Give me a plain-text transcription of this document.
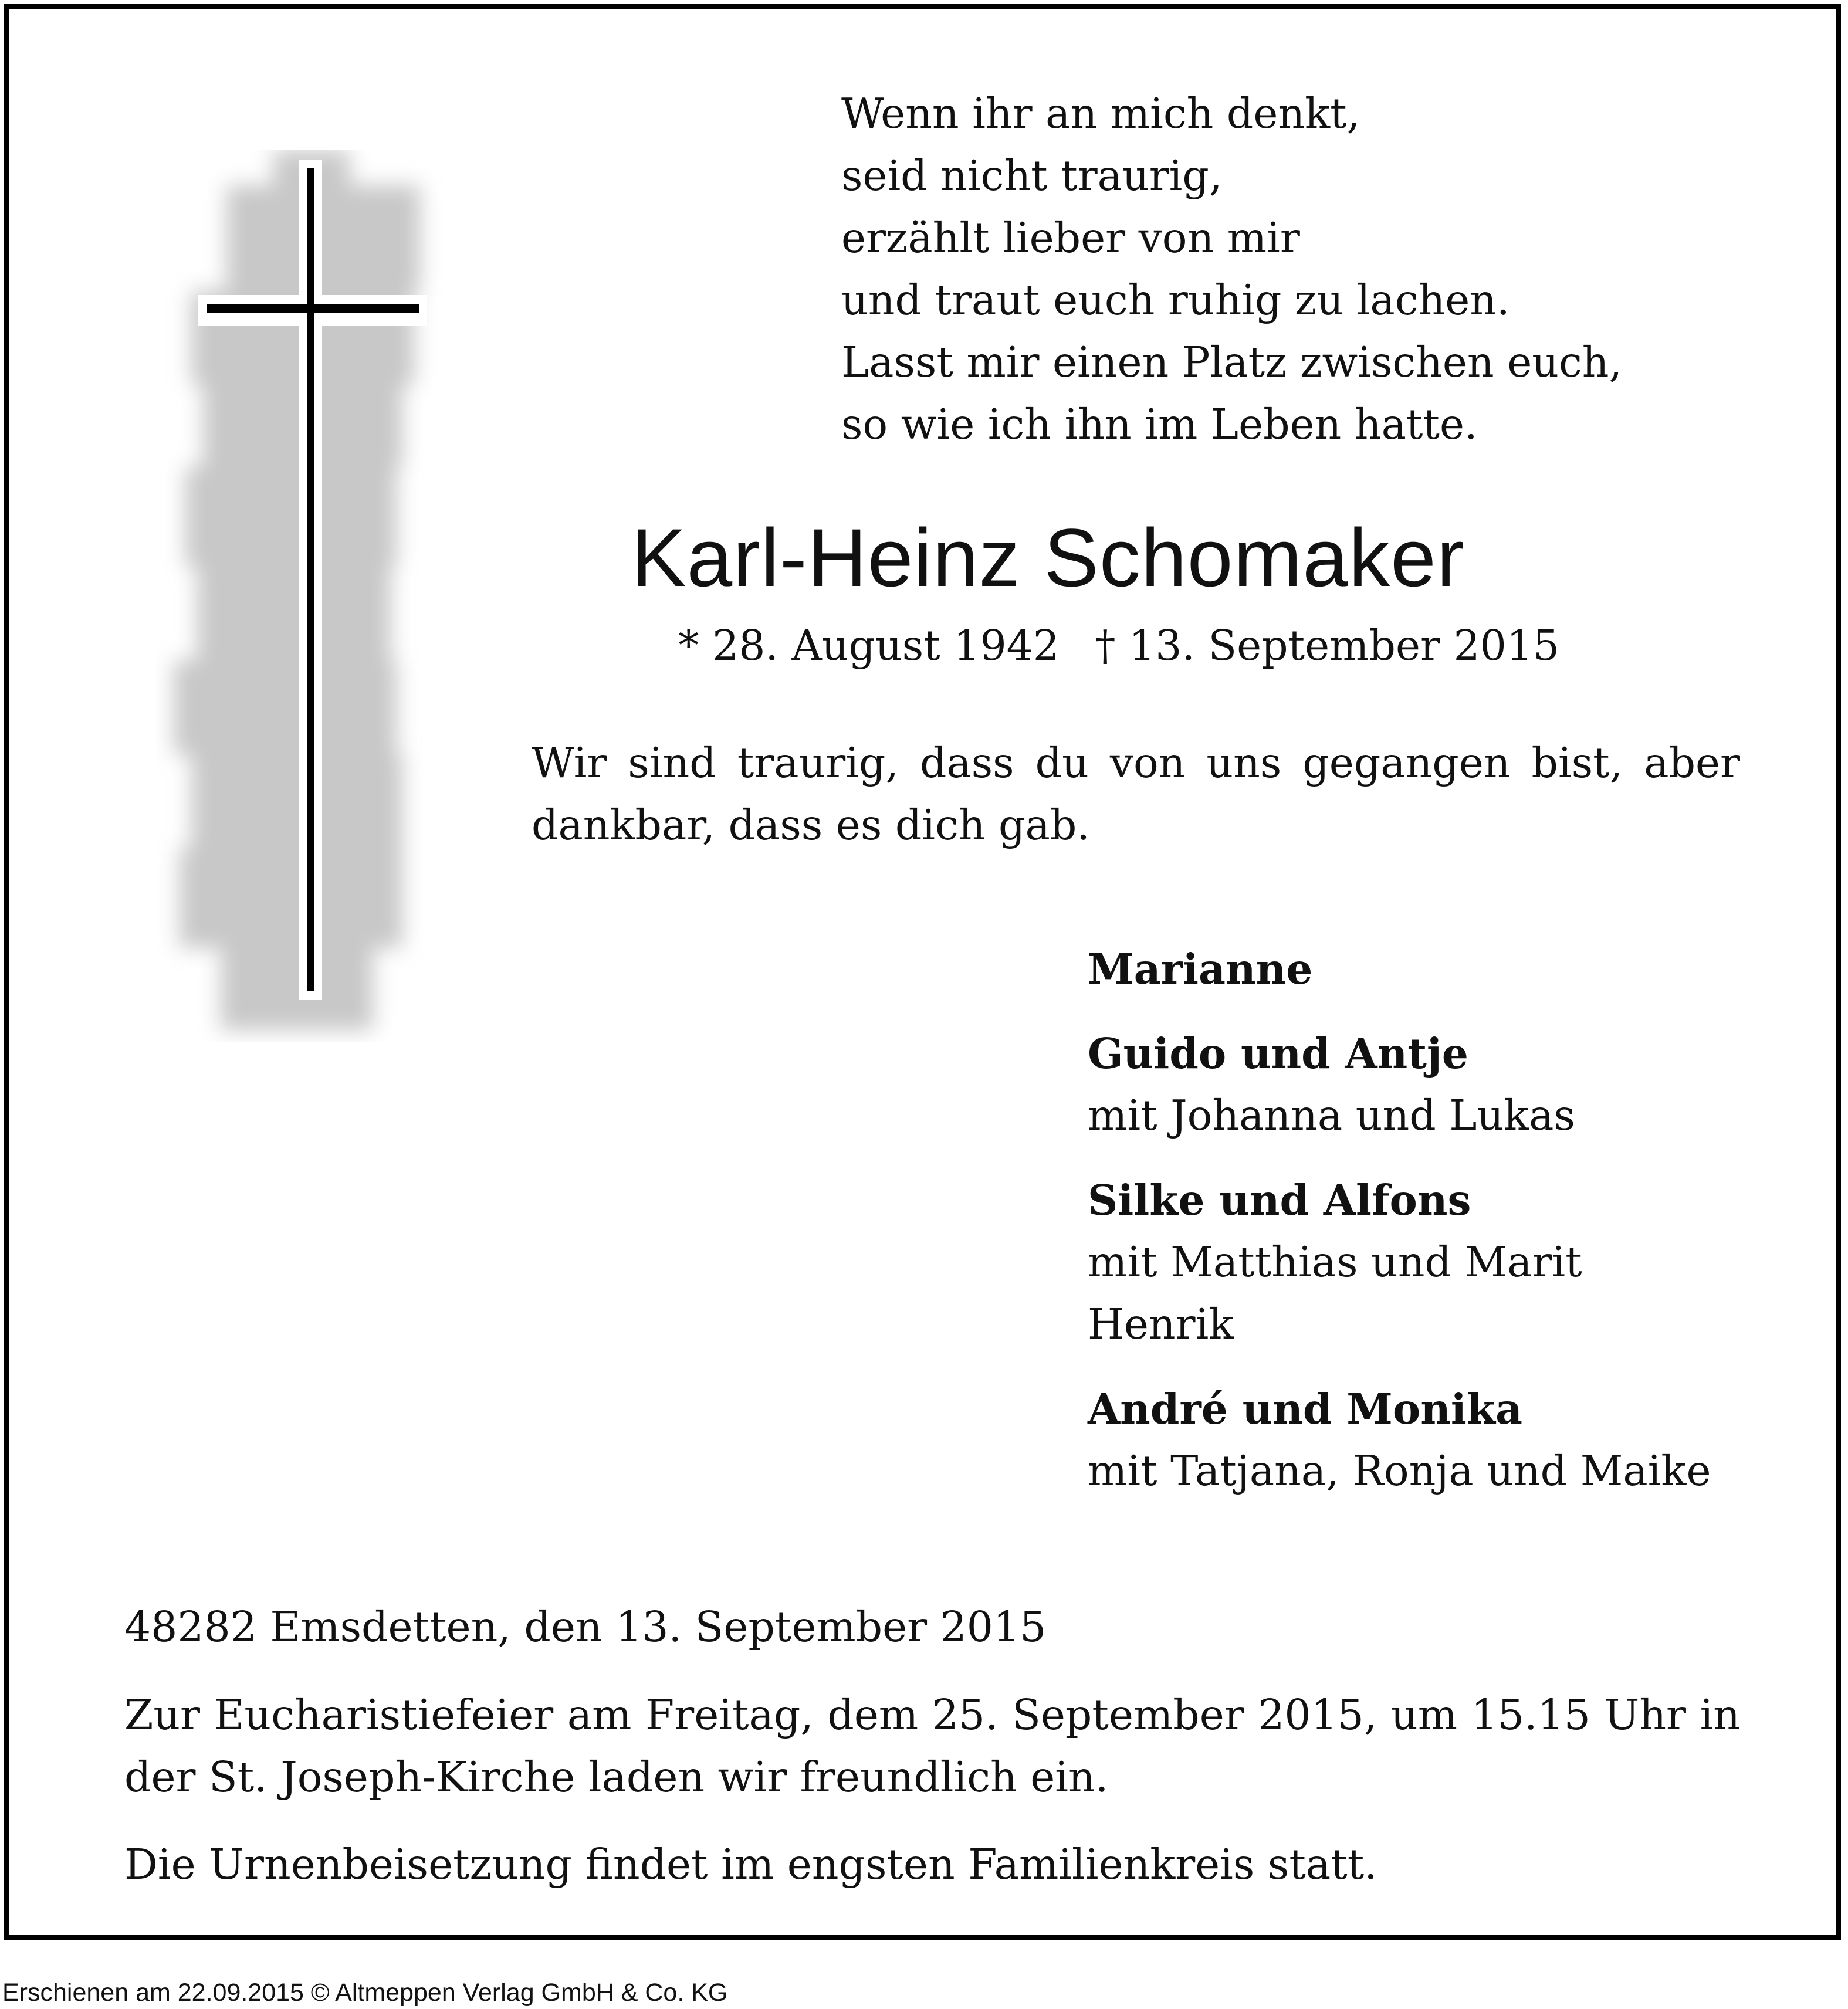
Wenn ihr an mich denkt,
seid nicht traurig,
erzählt lieber von mir
und traut euch ruhig zu lachen.
Lasst mir einen Platz zwischen euch,
so wie ich ihn im Leben hatte.
Karl-Heinz Schomaker
* 28. August 1942 † 13. September 2015
Wir sind traurig, dass du von uns gegangen bist, aber dankbar, dass es dich gab.
Marianne
Guido und Antje
mit Johanna und Lukas
Silke und Alfons
mit Matthias und Marit
Henrik
André und Monika
mit Tatjana, Ronja und Maike
48282 Emsdetten, den 13. September 2015
Zur Eucharistiefeier am Freitag, dem 25. September 2015, um 15.15 Uhr in der St. Joseph-Kirche laden wir freundlich ein.
Die Urnenbeisetzung findet im engsten Familienkreis statt.
Erschienen am 22.09.2015 © Altmeppen Verlag GmbH & Co. KG
